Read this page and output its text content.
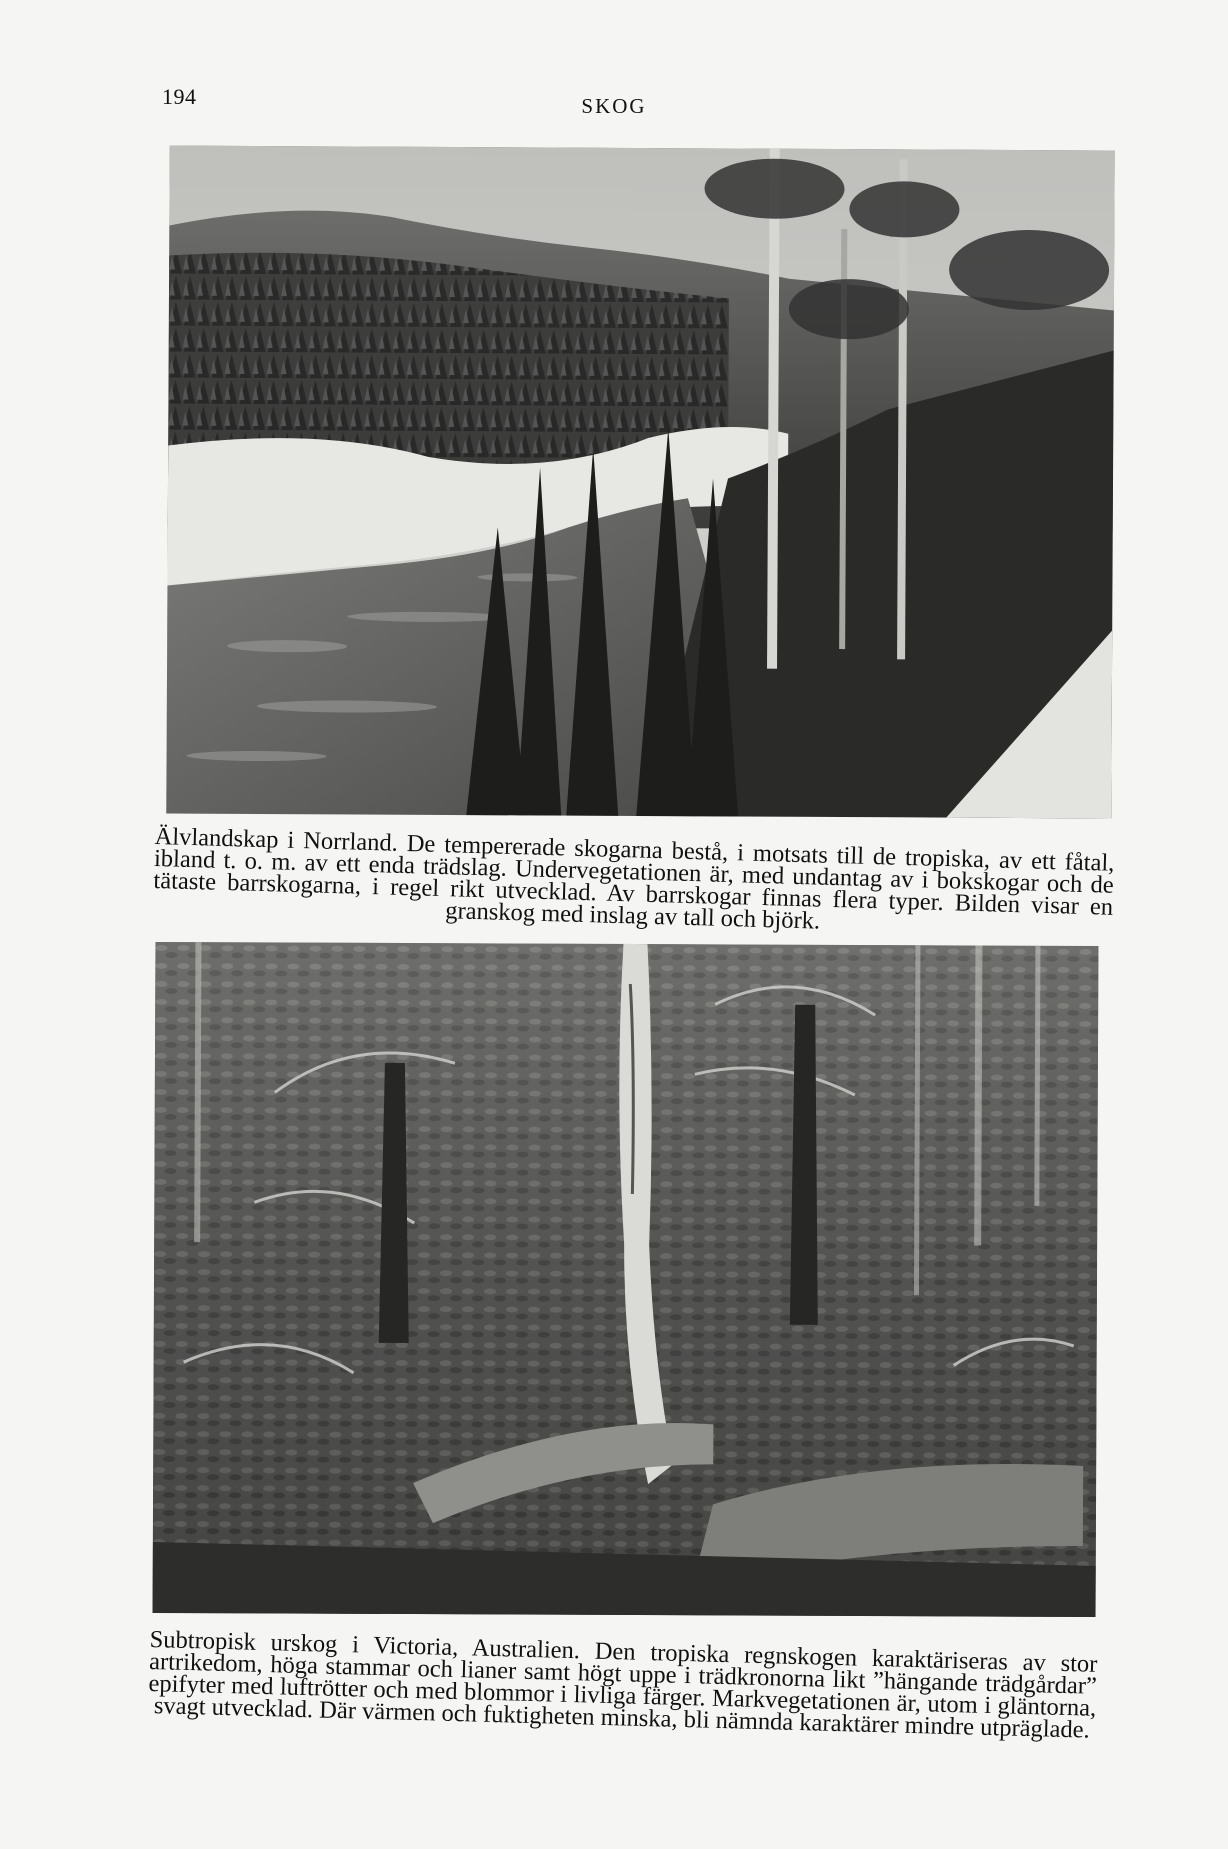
194	SKOG
Älvlandskap i Norrland. De tempererade skogarna bestå, i motsats till de tropiska, av ett fåtal, ibland t. o. m. av ett enda trädslag. Undervegetationen är, med undantag av i bokskogar och de tätaste barrskogarna, i regel rikt utvecklad. Av barrskogar finnas flera typer. Bilden visar en granskog med inslag av tall och björk.
Subtropisk urskog i Victoria, Australien. Den tropiska regnskogen karaktäriseras av stor artrikedom, höga stammar och lianer samt högt uppe i trädkronorna likt ”hängande trädgårdar” epifyter med luftrötter och med blommor i livliga färger. Markvegetationen är, utom i gläntorna, svagt utvecklad. Där värmen och fuktigheten minska, bli nämnda karaktärer mindre utpräglade.
